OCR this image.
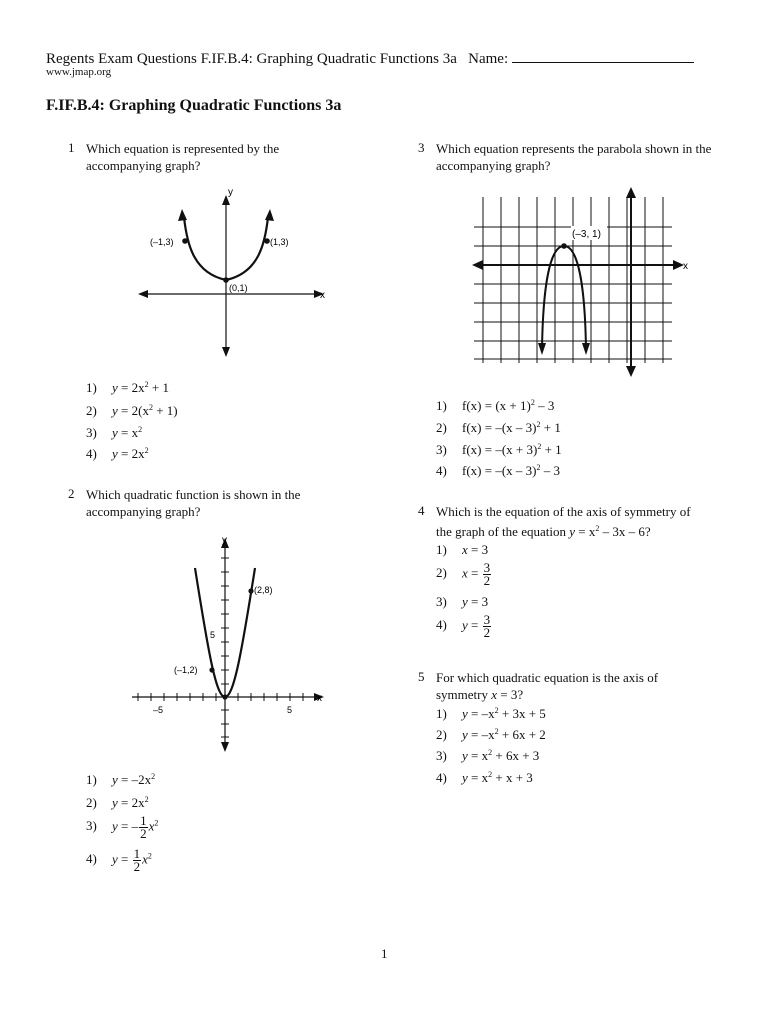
Regents Exam Questions F.IF.B.4: Graphing Quadratic Functions 3a Name:
www.jmap.org
F.IF.B.4: Graphing Quadratic Functions 3a
1 Which equation is represented by the accompanying graph?
y
x
(–1,3)	(1,3)
(0,1)
1) $y = 2x^2 + 1$
2) $y = 2(x^2 + 1)$
3) $y = x^2$
4) $y = 2x^2$
2 Which quadratic function is shown in the accompanying graph?
y
x
(2,8)
(–1,2)
5
–5	5
1) $y = -2x^2$
2) $y = 2x^2$
3) y = – $\frac{1}{2} x^2$
4) $y = \frac{1}{2} x^2$
3 Which equation represents the parabola shown in the accompanying graph?
(–3, 1)
x
1) $f(x) = (x + 1)^2 - 3$
2) f(x) = –(x – 3)$^2$ + 1
3) $f(x) = -(x + 3)^2 + 1$
4) f(x) = –(x – 3)$^2$ – 3
4 Which is the equation of the axis of symmetry of
the graph of the equation $y = x^2 - 3x - 6$?
1) x = 3
2) $x = \frac{3}{2}$
3) y = 3
4) $y = \frac{3}{2}$
5 For which quadratic equation is the axis of
symmetry x = 3?
1) $y = -x^2 + 3x + 5$
2) $y = -x^2 + 6x + 2$
3) $y = x^2 + 6x + 3$
4) $y = x^2 + x + 3$
1
